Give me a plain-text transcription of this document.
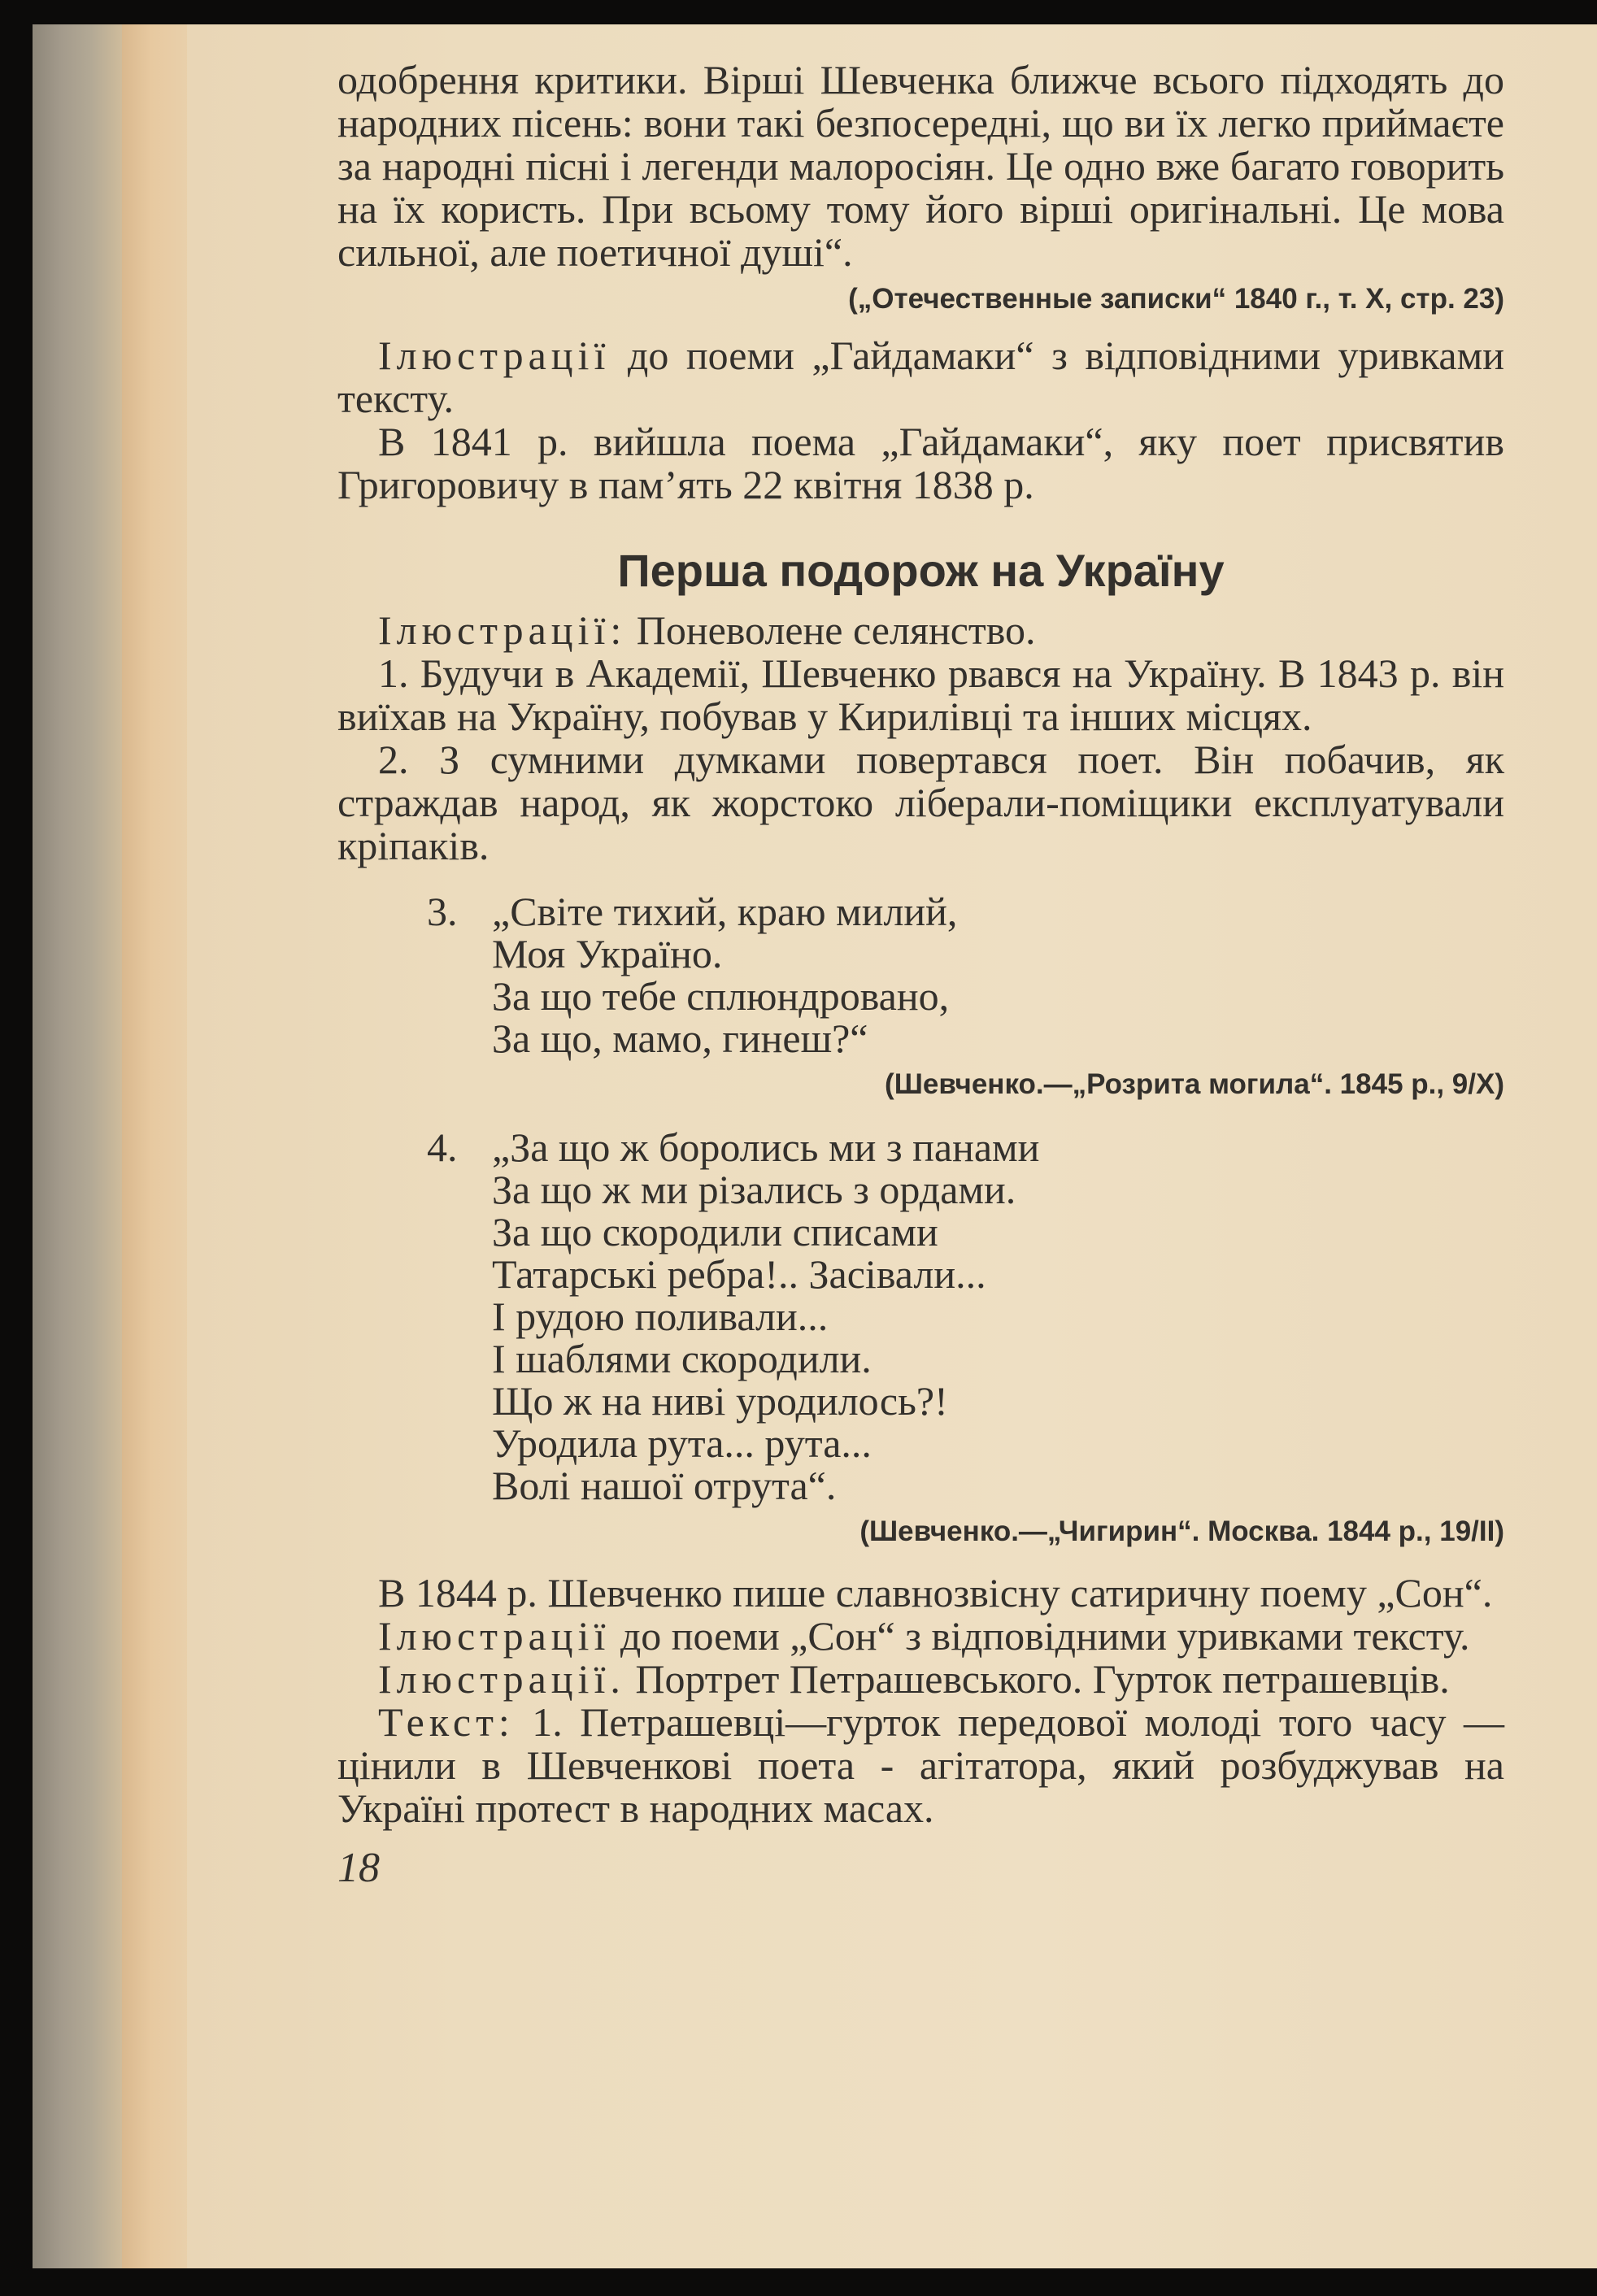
одобрення критики. Вірші Шевченка ближче всього підходять до народних пісень: вони такі безпосередні, що ви їх легко приймаєте за народні пісні і легенди малоросіян. Це одно вже багато говорить на їх користь. При всьому тому його вірші оригінальні. Це мова сильної, але поетичної душі“.

(„Отечественные записки“ 1840 г., т. X, стр. 23)

Ілюстрації до поеми „Гайдамаки“ з відповідними уривками тексту.

В 1841 р. вийшла поема „Гайдамаки“, яку поет присвятив Григоровичу в пам’ять 22 квітня 1838 р.

Перша подорож на Україну

Ілюстрації: Поневолене селянство.

1. Будучи в Академії, Шевченко рвався на Україну. В 1843 р. він виїхав на Україну, побував у Кирилівці та інших місцях.

2. З сумними думками повертався поет. Він побачив, як страждав народ, як жорстоко ліберали-поміщики експлуатували кріпаків.

3. „Світе тихий, краю милий,
Моя Україно.
За що тебе сплюндровано,
За що, мамо, гинеш?“

(Шевченко.—„Розрита могила“. 1845 р., 9/X)

4. „За що ж боролись ми з панами
За що ж ми різались з ордами.
За що скородили списами
Татарські ребра!.. Засівали...
І рудою поливали...
І шаблями скородили.
Що ж на ниві уродилось?!
Уродила рута... рута...
Волі нашої отрута“.

(Шевченко.—„Чигирин“. Москва. 1844 р., 19/II)

В 1844 р. Шевченко пише славнозвісну сатиричну поему „Сон“.

Ілюстрації до поеми „Сон“ з відповідними уривками тексту.

Ілюстрації. Портрет Петрашевського. Гурток петрашевців.

Текст: 1. Петрашевці—гурток передової молоді того часу — цінили в Шевченкові поета - агітатора, який розбуджував на Україні протест в народних масах.

18
